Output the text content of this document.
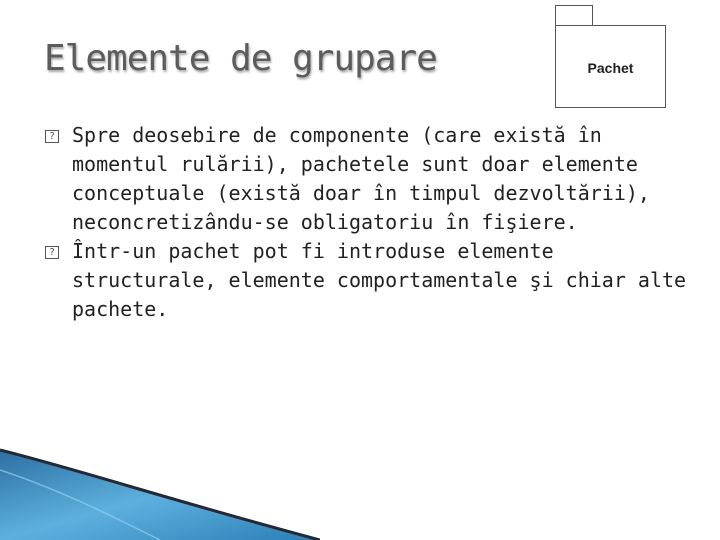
Elemente de grupare	Pachet
? Spre deosebire de componente (care există în momentul rulării), pachetele sunt doar elemente conceptuale (există doar în timpul dezvoltării), neconcretizându-se obligatoriu în fişiere.
? Într-un pachet pot fi introduse elemente structurale, elemente comportamentale şi chiar alte pachete.
